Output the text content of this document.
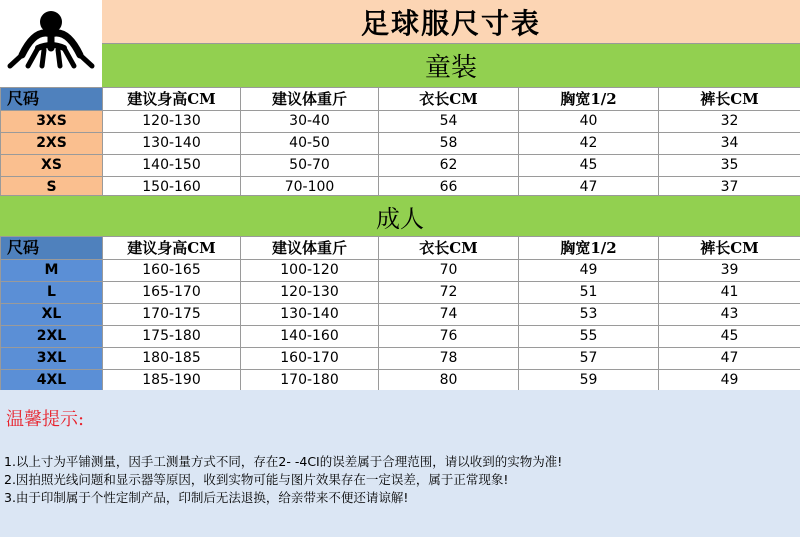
足球服尺寸表
童装
尺码	建议身高CM	建议体重斤	衣长CM	胸宽1/2	裤长CM
3XS	120-130	30-40	54	40	32
2XS	130-140	40-50	58	42	34
XS	140-150	50-70	62	45	35
S	150-160	70-100	66	47	37
成人
尺码	建议身高CM	建议体重斤	衣长CM	胸宽1/2	裤长CM
M	160-165	100-120	70	49	39
L	165-170	120-130	72	51	41
XL	170-175	130-140	74	53	43
2XL	175-180	140-160	76	55	45
3XL	180-185	160-170	78	57	47
4XL	185-190	170-180	80	59	49
温馨提示:
1.以上寸为平铺测量，因手工测量方式不同，存在2- -4CI的误差属于合理范围，请以收到的实物为准!
2.因拍照光线问题和显示器等原因，收到实物可能与图片效果存在一定误差，属于正常现象!
3.由于印制属于个性定制产品，印制后无法退换，给亲带来不便还请谅解!
